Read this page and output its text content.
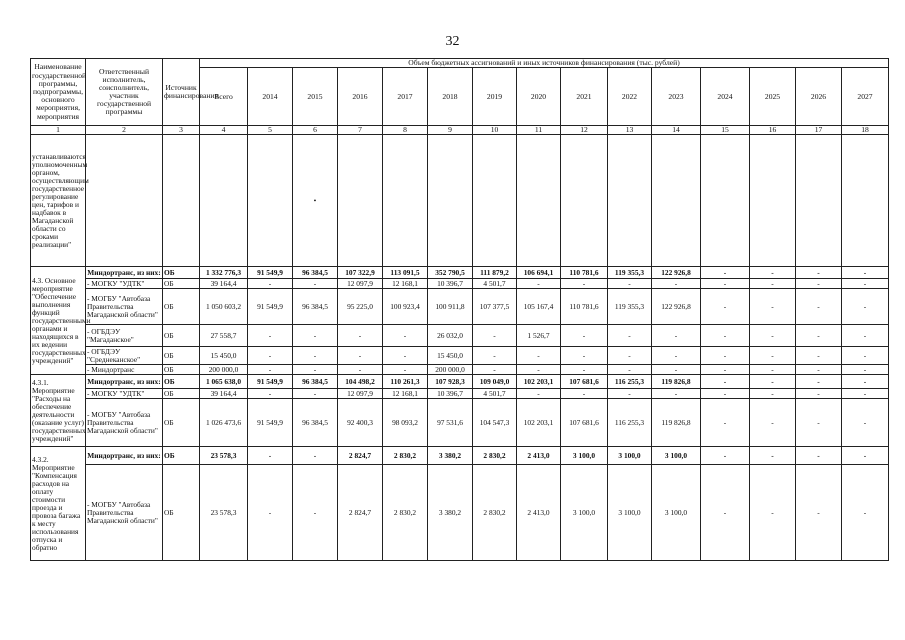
32
Наименование государственной программы, подпрограммы, основного мероприятия, мероприятия	Ответственный исполнитель, соисполнитель, участник государственной программы	Источник финансирования	Объем бюджетных ассигнований и иных источников финансирования (тыс. рублей)														
			Всего	2014	2015	2016	2017	2018	2019	2020	2021	2022	2023	2024	2025	2026	2027
1	2	3	4	5	6	7	8	9	10	11	12	13	14	15	16	17	18
устанавливаются
уполномоченным органом, осуществляющим государственное регулирование цен, тарифов и надбавок в Магаданской области со сроками реализации"					•												
4.3. Основное мероприятие "Обеспечение выполнения функций государственными органами и находящихся в их ведении государственных учреждений"	Миндортранс, из них:	ОБ	1 332 776,3	91 549,9	96 384,5	107 322,9	113 091,5	352 790,5	111 879,2	106 694,1	110 781,6	119 355,3	122 926,8	-	-	-	-
	- МОГКУ "УДТК"	ОБ	39 164,4	-	-	12 097,9	12 168,1	10 396,7	4 501,7	-	-	-	-	-	-	-	-
	- МОГБУ "Автобаза Правительства Магаданской области"	ОБ	1 050 603,2	91 549,9	96 384,5	95 225,0	100 923,4	100 911,8	107 377,5	105 167,4	110 781,6	119 355,3	122 926,8	-	-	-	-
	- ОГБДЭУ "Магаданское"	ОБ	27 558,7	-	-	-	-	26 032,0	-	1 526,7	-	-	-	-	-	-	-
	- ОГБДЭУ "Среднеканское"	ОБ	15 450,0	-	-	-	-	15 450,0	-	-	-	-	-	-	-	-	-
	- Миндортранс	ОБ	200 000,0	-	-	-	-	200 000,0	-	-	-	-	-	-	-	-	-
4.3.1. Мероприятие "Расходы на обеспечение деятельности (оказание услуг) государственных учреждений"	Миндортранс, из них:	ОБ	1 065 638,0	91 549,9	96 384,5	104 498,2	110 261,3	107 928,3	109 049,0	102 203,1	107 681,6	116 255,3	119 826,8	-	-	-	-
	- МОГКУ "УДТК"	ОБ	39 164,4	-	-	12 097,9	12 168,1	10 396,7	4 501,7	-	-	-	-	-	-	-	-
	- МОГБУ "Автобаза Правительства Магаданской области"	ОБ	1 026 473,6	91 549,9	96 384,5	92 400,3	98 093,2	97 531,6	104 547,3	102 203,1	107 681,6	116 255,3	119 826,8	-	-	-	-
4.3.2. Мероприятие "Компенсация расходов на оплату стоимости проезда и провоза багажа к месту использования отпуска и обратно	Миндортранс, из них:	ОБ	23 578,3	-	-	2 824,7	2 830,2	3 380,2	2 830,2	2 413,0	3 100,0	3 100,0	3 100,0	-	-	-	-
	- МОГБУ "Автобаза Правительства Магаданской области"	ОБ	23 578,3	-	-	2 824,7	2 830,2	3 380,2	2 830,2	2 413,0	3 100,0	3 100,0	3 100,0	-	-	-	-
